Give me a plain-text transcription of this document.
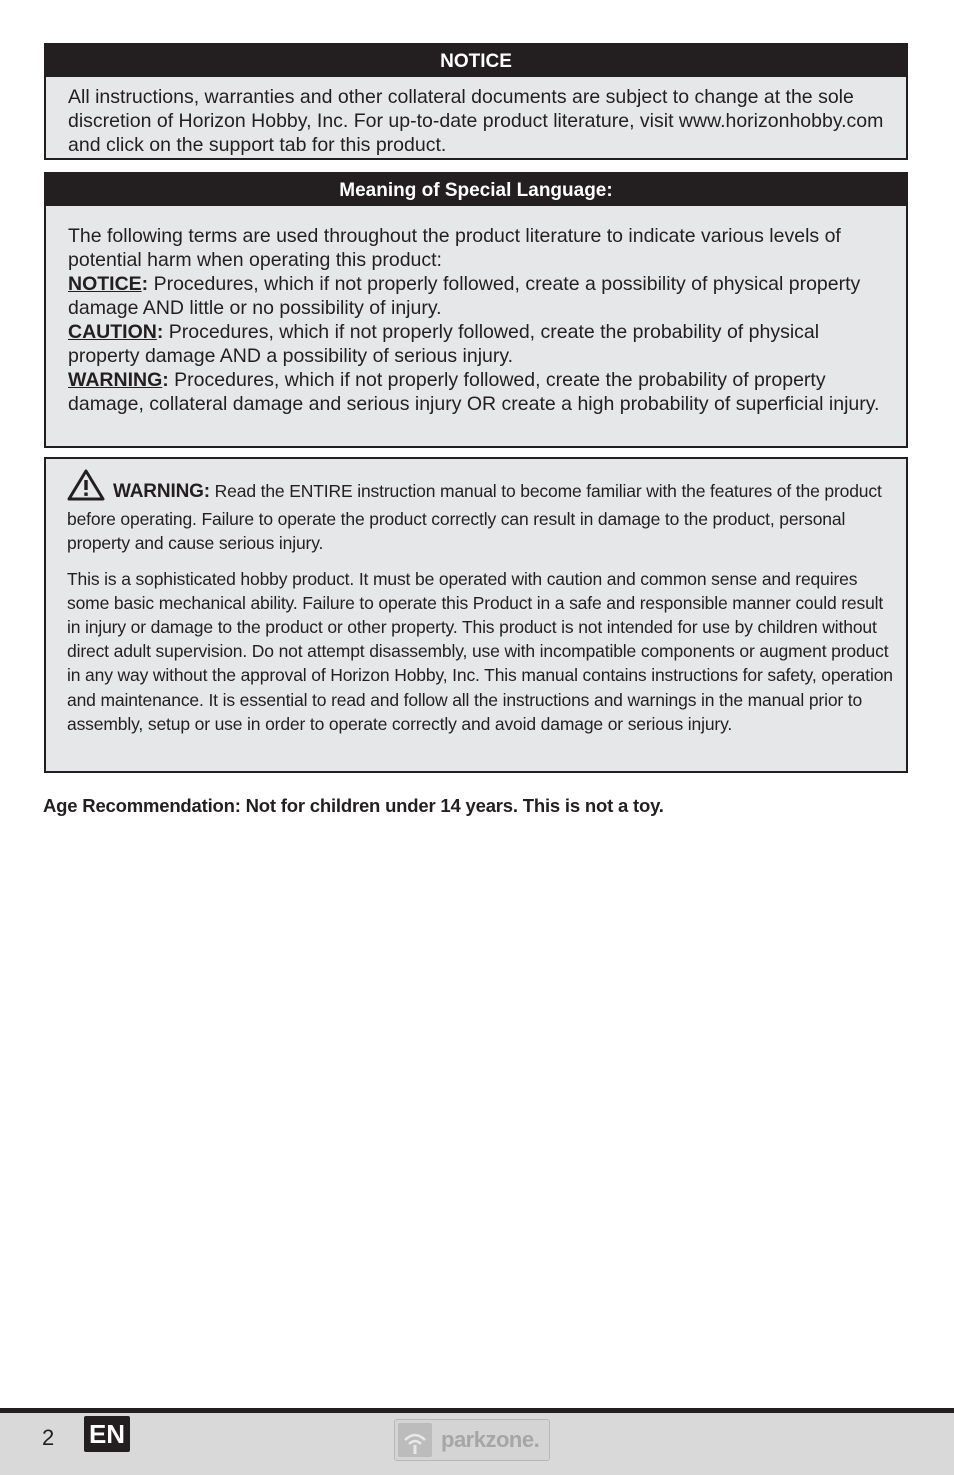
NOTICE
All instructions, warranties and other collateral documents are subject to change at the sole discretion of Horizon Hobby, Inc. For up-to-date product literature, visit www.horizonhobby.com and click on the support tab for this product.
Meaning of Special Language:
The following terms are used throughout the product literature to indicate various levels of potential harm when operating this product:
NOTICE: Procedures, which if not properly followed, create a possibility of physical property damage AND little or no possibility of injury.
CAUTION: Procedures, which if not properly followed, create the probability of physical property damage AND a possibility of serious injury.
WARNING: Procedures, which if not properly followed, create the probability of property damage, collateral damage and serious injury OR create a high probability of superficial injury.
WARNING: Read the ENTIRE instruction manual to become familiar with the features of the product before operating. Failure to operate the product correctly can result in damage to the product, personal property and cause serious injury.
This is a sophisticated hobby product. It must be operated with caution and common sense and requires some basic mechanical ability. Failure to operate this Product in a safe and responsible manner could result in injury or damage to the product or other property. This product is not intended for use by children without direct adult supervision. Do not attempt disassembly, use with incompatible components or augment product in any way without the approval of Horizon Hobby, Inc. This manual contains instructions for safety, operation and maintenance. It is essential to read and follow all the instructions and warnings in the manual prior to assembly, setup or use in order to operate correctly and avoid damage or serious injury.
Age Recommendation: Not for children under 14 years. This is not a toy.
2 EN	parkzone.
